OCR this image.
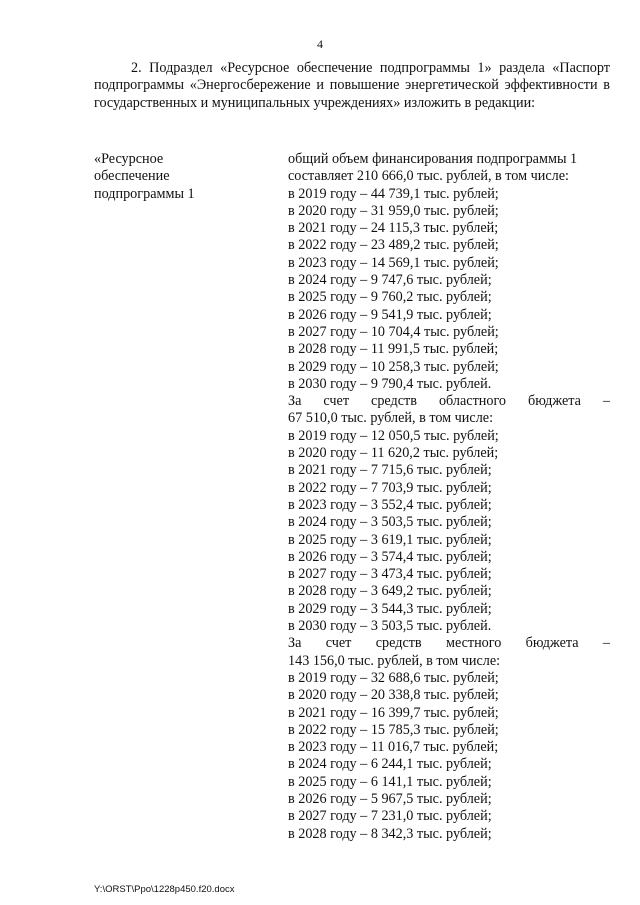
4

2. Подраздел «Ресурсное обеспечение подпрограммы 1» раздела «Паспорт подпрограммы «Энергосбережение и повышение энергетической эффективности в государственных и муниципальных учреждениях» изложить в редакции:

«Ресурсное
обеспечение
подпрограммы 1
общий объем финансирования подпрограммы 1
составляет 210 666,0 тыс. рублей, в том числе:
в 2019 году – 44 739,1 тыс. рублей;
в 2020 году – 31 959,0 тыс. рублей;
в 2021 году – 24 115,3 тыс. рублей;
в 2022 году – 23 489,2 тыс. рублей;
в 2023 году – 14 569,1 тыс. рублей;
в 2024 году – 9 747,6 тыс. рублей;
в 2025 году – 9 760,2 тыс. рублей;
в 2026 году – 9 541,9 тыс. рублей;
в 2027 году – 10 704,4 тыс. рублей;
в 2028 году – 11 991,5 тыс. рублей;
в 2029 году – 10 258,3 тыс. рублей;
в 2030 году – 9 790,4 тыс. рублей.
За счет средств областного бюджета –
67 510,0 тыс. рублей, в том числе:
в 2019 году – 12 050,5 тыс. рублей;
в 2020 году – 11 620,2 тыс. рублей;
в 2021 году – 7 715,6 тыс. рублей;
в 2022 году – 7 703,9 тыс. рублей;
в 2023 году – 3 552,4 тыс. рублей;
в 2024 году – 3 503,5 тыс. рублей;
в 2025 году – 3 619,1 тыс. рублей;
в 2026 году – 3 574,4 тыс. рублей;
в 2027 году – 3 473,4 тыс. рублей;
в 2028 году – 3 649,2 тыс. рублей;
в 2029 году – 3 544,3 тыс. рублей;
в 2030 году – 3 503,5 тыс. рублей.
За счет средств местного бюджета –
143 156,0 тыс. рублей, в том числе:
в 2019 году – 32 688,6 тыс. рублей;
в 2020 году – 20 338,8 тыс. рублей;
в 2021 году – 16 399,7 тыс. рублей;
в 2022 году – 15 785,3 тыс. рублей;
в 2023 году – 11 016,7 тыс. рублей;
в 2024 году – 6 244,1 тыс. рублей;
в 2025 году – 6 141,1 тыс. рублей;
в 2026 году – 5 967,5 тыс. рублей;
в 2027 году – 7 231,0 тыс. рублей;
в 2028 году – 8 342,3 тыс. рублей;
Y:\ORST\Ppo\1228p450.f20.docx
